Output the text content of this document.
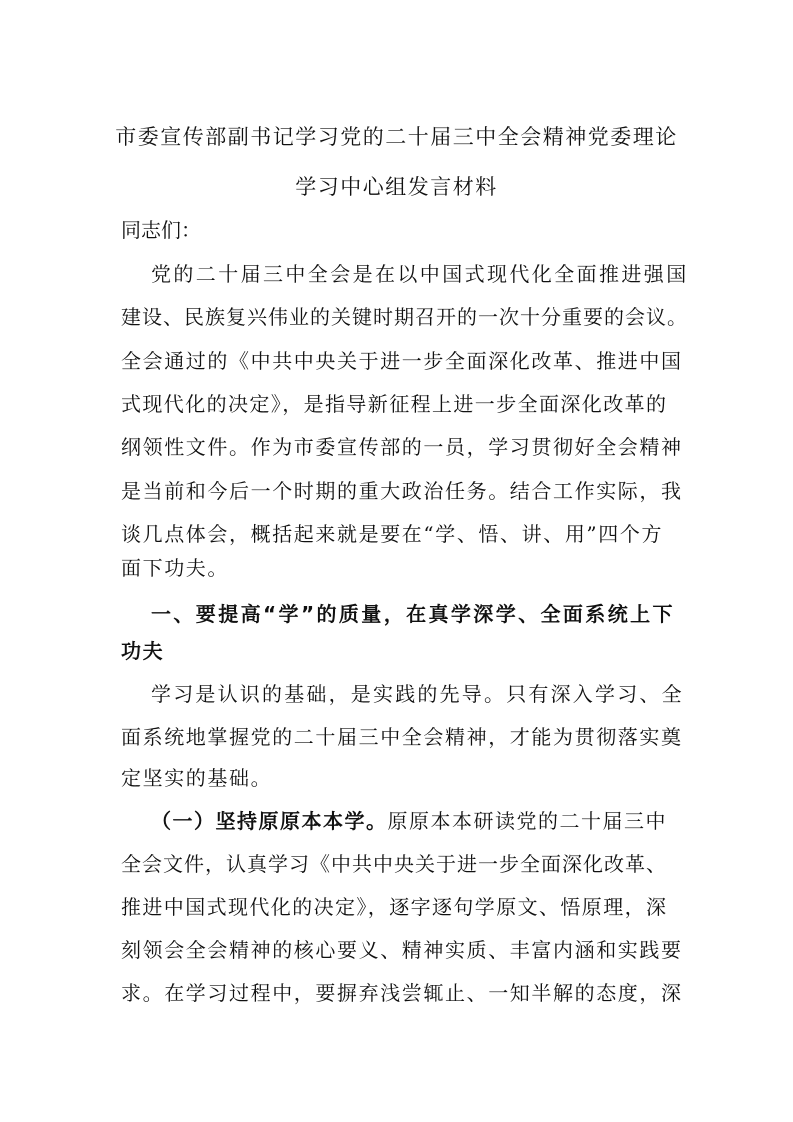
市委宣传部副书记学习党的二十届三中全会精神党委理论
学习中心组发言材料
同志们：
党的二十届三中全会是在以中国式现代化全面推进强国
建设、民族复兴伟业的关键时期召开的一次十分重要的会议。
全会通过的《中共中央关于进一步全面深化改革、推进中国
式现代化的决定》，是指导新征程上进一步全面深化改革的
纲领性文件。作为市委宣传部的一员，学习贯彻好全会精神
是当前和今后一个时期的重大政治任务。结合工作实际，我
谈几点体会，概括起来就是要在“学、悟、讲、用”四个方
面下功夫。
一、要提高“学”的质量，在真学深学、全面系统上下
功夫
学习是认识的基础，是实践的先导。只有深入学习、全
面系统地掌握党的二十届三中全会精神，才能为贯彻落实奠
定坚实的基础。
（一）坚持原原本本学。原原本本研读党的二十届三中
全会文件，认真学习《中共中央关于进一步全面深化改革、
推进中国式现代化的决定》，逐字逐句学原文、悟原理，深
刻领会全会精神的核心要义、精神实质、丰富内涵和实践要
求。在学习过程中，要摒弃浅尝辄止、一知半解的态度，深
